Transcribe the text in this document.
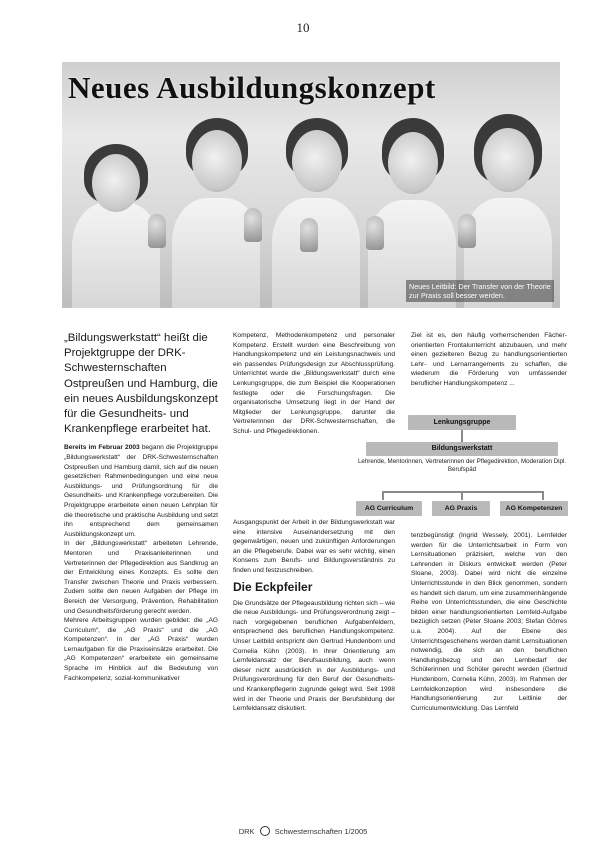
10
Neues Ausbildungskonzept
Neues Leitbild: Der Transfer von der Theorie zur Praxis soll besser werden.

„Bildungswerkstatt“ heißt die Projektgruppe der DRK-Schwesternschaften Ostpreußen und Hamburg, die ein neues Ausbildungskonzept für die Gesundheits- und Krankenpflege erarbeitet hat.

Bereits im Februar 2003 begann die Projektgruppe „Bildungswerkstatt“ der DRK-Schwesternschaften Ostpreußen und Hamburg damit, sich auf die neuen gesetzlichen Rahmenbedingungen und eine neue Ausbildungs- und Prüfungsordnung für die Gesundheits- und Krankenpflege vorzubereiten. Die Projektgruppe erarbeitete einen neuen Lehrplan für die theoretische und praktische Ausbildung und setzt ihn entsprechend dem gemeinsamen Ausbildungskonzept um.

In der „Bildungswerkstatt“ arbeiteten Lehrende, Mentoren und Praxisanleiterinnen und Vertreterinnen der Pflegedirektion aus Sandkrug an der Entwicklung eines Konzepts. Es sollte den Transfer zwischen Theorie und Praxis verbessern. Zudem sollte den neuen Aufgaben der Pflege im Bereich der Versorgung, Prävention, Rehabilitation und Gesundheitsförderung gerecht werden.

Mehrere Arbeitsgruppen wurden gebildet: die „AG Curriculum“, die „AG Praxis“ und die „AG Kompetenzen“. In der „AG Praxis“ wurden Lernaufgaben für die Praxiseinsätze erarbeitet. Die „AG Kompetenzen“ erarbeitete ein gemeinsame Sprache im Hinblick auf die Bedeutung von Fachkompetenz, sozial-kommunikativer

Kompetenz, Methodenkompetenz und personaler Kompetenz. Erstellt wurden eine Beschreibung von Handlungskompetenz und ein Leistungsnachweis und ein passendes Prüfungsdesign zur Abschlussprüfung. Unterrichtet wurde die „Bildungswerkstatt“ durch eine Lenkungsgruppe, die zum Beispiel die Kooperationen festlegte oder die Forschungsfragen. Die organisatorische Umsetzung liegt in der Hand der Mitglieder der Lenkungsgruppe, darunter die Vertreterinnen der DRK-Schwesternschaften, die Schul- und Pflegedirektionen.

Ausgangspunkt der Arbeit in der Bildungswerkstatt war eine intensive Auseinandersetzung mit den gegenwärtigen, neuen und zukünftigen Anforderungen an die Pflegeberufe. Dabei war es sehr wichtig, einen Konsens zum Berufs- und Bildungsverständnis zu finden und festzuschreiben.

Die Eckpfeiler

Die Grundsätze der Pflegeausbildung richten sich – wie die neue Ausbildungs- und Prüfungsverordnung zeigt – nach vorgegebenen beruflichen Aufgabenfeldern, entsprechend des beruflichen Handlungskompetenz. Unser Leitbild entspricht den Gertrud Hundenborn und Cornelia Kühn (2003). In ihrer Orientierung am Lernfeldansatz der Berufsausbildung, auch wenn dieser nicht ausdrücklich in der Ausbildungs- und Prüfungsverordnung für den Beruf der Gesundheits- und Krankenpflegerin zugrunde gelegt wird. Seit 1998 wird in der Theorie und Praxis der Berufsbildung der Lernfeldansatz diskutiert.

Ziel ist es, den häufig vorherrschenden Fächer-orientierten Frontalunterricht abzubauen, und mehr einen gezielteren Bezug zu handlungsorientierten Lehr- und Lernarrangements zu schaffen, die wiederum die Förderung von umfassender beruflicher Handlungskompetenz ...

Lenkungsgruppe
Bildungswerkstatt
Lehrende, Mentorinnen, Vertreterinnen der Pflegedirektion, Moderation Dipl. Berufspäd
AG Curriculum	AG Praxis	AG Kompetenzen

tenzbegünstigt (Ingrid Wessely, 2001). Lernfelder werden für die Unterrichtsarbeit in Form von Lernsituationen präzisiert, welche von den Lehrenden in Diskurs entwickelt werden (Peter Sloane, 2003). Dabei wird nicht die einzelne Unterrichtsstunde in den Blick genommen, sondern es handelt sich darum, um eine zusammenhängende Reihe von Unterrichtsstunden, die eine Geschichte bilden einer handlungsorientierten Lernfeld-Aufgabe bezüglich setzen (Peter Sloane 2003; Stefan Görres u.a. 2004). Auf der Ebene des Unterrichtsgeschehens werden damit Lernsituationen notwendig, die sich an den beruflichen Handlungsbezug und den Lernbedarf der Schülerinnen und Schüler gerecht werden (Gertrud Hundenborn, Cornelia Kühn, 2003). Im Rahmen der Lernfeldkonzeption wird insbesondere die Handlungsorientierung zur Leitlinie der Curriculumentwicklung. Das Lernfeld

DRK	Schwesternschaften 1/2005
